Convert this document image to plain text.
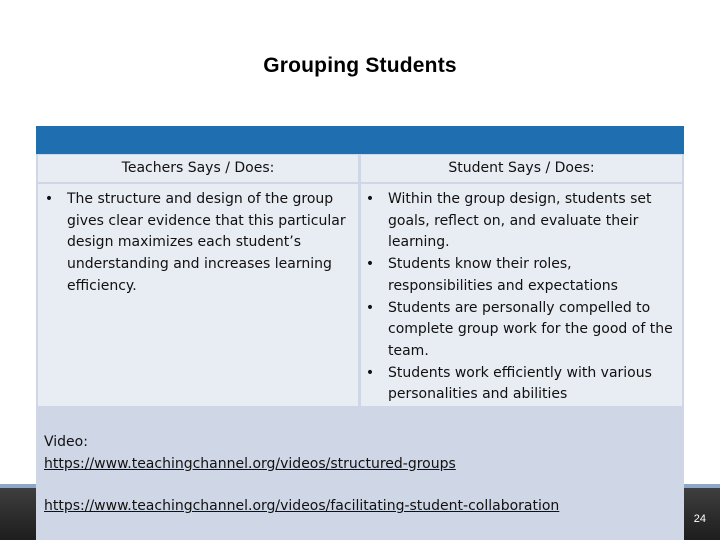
Grouping Students
Teachers Says / Does:	Student Says / Does:
• The structure and design of the group gives clear evidence that this particular design maximizes each student’s understanding and increases learning efficiency.
• Within the group design, students set goals, reflect on, and evaluate their learning.
• Students know their roles, responsibilities and expectations
• Students are personally compelled to complete group work for the good of the team.
• Students work efficiently with various personalities and abilities
Video:
https://www.teachingchannel.org/videos/structured-groups
https://www.teachingchannel.org/videos/facilitating-student-collaboration
24
